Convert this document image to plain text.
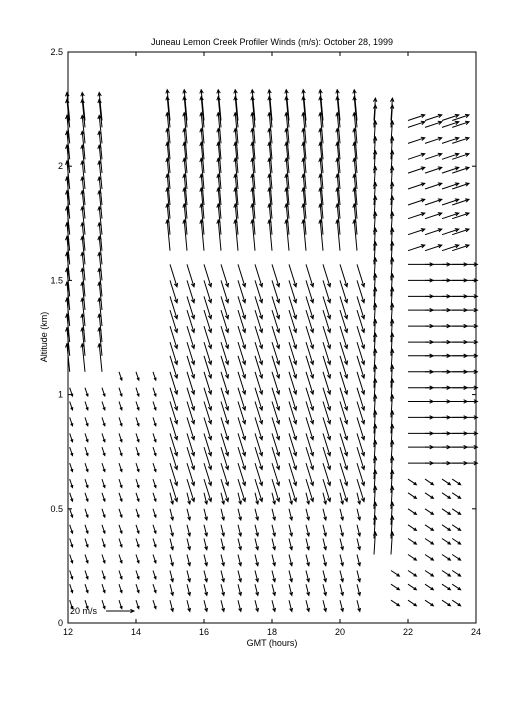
Juneau Lemon Creek Profiler Winds (m/s): October 28, 1999
0
0.5
1
1.5
2
2.5
12	14	16	18	20	22	24
GMT (hours)
Altitude (km)
20 m/s
